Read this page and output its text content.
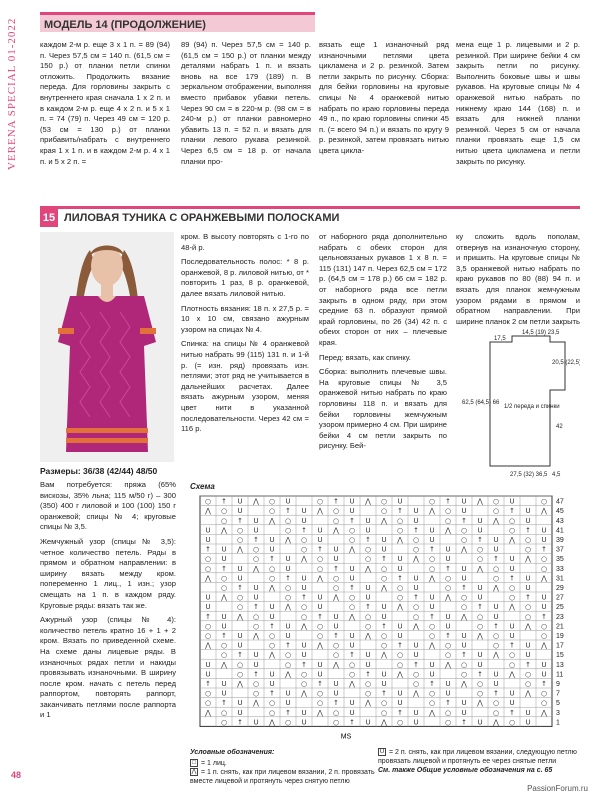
VERENA SPECIAL 01-2022
48
МОДЕЛЬ 14 (ПРОДОЛЖЕНИЕ)

каждом 2-м р. еще 3 х 1 п. = 89 (94) п. Через 57,5 см = 140 п. (61,5 см = 150 р.) от планки петли спинки отложить. Продолжить вязание переда. Для горловины закрыть с внутреннего края сначала 1 х 2 п. и в каждом 2-м р. еще 4 х 2 п. и 5 х 1 п. = 74 (79) п. Через 49 см = 120 р. (53 см = 130 р.) от планки прибавить/набрать с внутреннего края 1 х 1 п. и в каждом 2-м р. 4 х 1 п. и 5 х 2 п. =

89 (94) п. Через 57,5 см = 140 р. (61,5 см = 150 р.) от планки между деталями набрать 1 п. и вязать вновь на все 179 (189) п. В зеркальном отображении, выполняя вместо прибавок убавки петель. Через 90 см = в 220-м р. (98 см = в 240-м р.) от планки равномерно убавить 13 п. = 52 п. и вязать для планки левого рукава резинкой. Через 6,5 см = 18 р. от начала планки про-

вязать еще 1 изнаночный ряд изнаночными петлями цвета цикламена и 2 р. резинкой. Затем петли закрыть по рисунку. Сборка: для бейки горловины на круговые спицы № 4 оранжевой нитью набрать по краю горловины переда 49 п., по краю горловины спинки 45 п. (= всего 94 п.) и вязать по кругу 9 р. резинкой, затем провязать нитью цвета цикла-

мена еще 1 р. лицевыми и 2 р. резинкой. При ширине бейки 4 см закрыть петли по рисунку. Выполнить боковые швы и швы рукавов. На круговые спицы № 4 оранжевой нитью набрать по нижнему краю 144 (168) п. и вязать для нижней планки резинкой. Через 5 см от начала планки провязать еще 1,5 см нитью цвета цикламена и петли закрыть по рисунку.

15 ЛИЛОВАЯ ТУНИКА С ОРАНЖЕВЫМИ ПОЛОСКАМИ
Размеры: 36/38 (42/44) 48/50

Вам потребуется: пряжа (65% вискозы, 35% льна; 115 м/50 г) – 300 (350) 400 г лиловой и 100 (100) 150 г оранжевой; спицы № 4; круговые спицы № 3,5.

Жемчужный узор (спицы № 3,5): четное количество петель. Ряды в прямом и обратном направлении: в ширину вязать между кром. попеременно 1 лиц., 1 изн.; узор смещать на 1 п. в каждом ряду. Круговые ряды: вязать так же.

Ажурный узор (спицы № 4): количество петель кратно 16 + 1 + 2 кром. Вязать по приведенной схеме. На схеме даны лицевые ряды. В изнаночных рядах петли и накиды провязывать изнаночными. В ширину после кром. начать с петель перед раппортом, повторять раппорт, заканчивать петлями после раппорта и 1

кром. В высоту повторять с 1-го по 48-й р.

Последовательность полос: * 8 р. оранжевой, 8 р. лиловой нитью, от * повторить 1 раз, 8 р. оранжевой, далее вязать лиловой нитью.

Плотность вязания: 18 п. х 27,5 р. = 10 х 10 см, связано ажурным узором на спицах № 4.

Спинка: на спицы № 4 оранжевой нитью набрать 99 (115) 131 п. и 1-й р. (= изн. ряд) провязать изн. петлями; этот ряд не учитывается в дальнейших расчетах. Далее вязать ажурным узором, меняя цвет нити в указанной последовательности. Через 42 см = 116 р.

от наборного ряда дополнительно набрать с обеих сторон для цельновязаных рукавов 1 х 8 п. = 115 (131) 147 п. Через 62,5 см = 172 р. (64,5 см = 178 р.) 66 см = 182 р. от наборного ряда все петли закрыть в одном ряду, при этом средние 63 п. образуют прямой край горловины, по 26 (34) 42 п. с обеих сторон от них – плечевые края.

Перед: вязать, как спинку.

Сборка: выполнить плечевые швы. На круговые спицы № 3,5 оранжевой нитью набрать по краю горловины 118 п. и вязать для бейки горловины жемчужным узором примерно 4 см. При ширине бейки 4 см петли закрыть по рисунку. Бей-

ку сложить вдоль пополам, отвернув на изнаночную сторону, и пришить. На круговые спицы № 3,5 оранжевой нитью набрать по краю рукавов по 80 (88) 94 п. и вязать для планок жемчужным узором рядами в прямом и обратном направлении. При ширине планок 2 см петли закрыть

14,5 (19) 23,5
17,5
20,5 (22,5)
62,5 (64,5) 66
42
1/2 переда и спинки
27,5 (32) 36,5 4,5
Схема
○ ↑ U ⋀ ○ U	○ ↑ U ⋀ ○ U	○ ↑ U ⋀ ○ U	○ 47
⋀ ○ U	○ ↑ U ⋀ ○ U	○ ↑ U ⋀ ○ U	○ ↑ U ⋀ 45
○ ↑ U ⋀ ○ U	○ ↑ U ⋀ ○ U	○ ↑ U ⋀ ○ U	43
U ⋀ ○ U	○ ↑ U ⋀ ○ U	○ ↑ U ⋀ ○ U	○ ↑ U 41
U	○ ↑ U ⋀ ○ U	○ ↑ U ⋀ ○ U	○ ↑ U ⋀ ○ U 39
↑ U ⋀ ○ U	○ ↑ U ⋀ ○ U	○ ↑ U ⋀ ○ U	○ ↑ 37
○ U	○ ↑ U ⋀ ○ U	○ ↑ U ⋀ ○ U	○ ↑ U ⋀ ○ 35
○ ↑ U ⋀ ○ U	○ ↑ U ⋀ ○ U	○ ↑ U ⋀ ○ U	○ 33
⋀ ○ U	○ ↑ U ⋀ ○ U	○ ↑ U ⋀ ○ U	○ ↑ U ⋀ 31
○ ↑ U ⋀ ○ U	○ ↑ U ⋀ ○ U	○ ↑ U ⋀ ○ U	29
U ⋀ ○ U	○ ↑ U ⋀ ○ U	○ ↑ U ⋀ ○ U	○ ↑ U 27
U	○ ↑ U ⋀ ○ U	○ ↑ U ⋀ ○ U	○ ↑ U ⋀ ○ U 25
↑ U ⋀ ○ U	○ ↑ U ⋀ ○ U	○ ↑ U ⋀ ○ U	○ ↑ 23
○ U	○ ↑ U ⋀ ○ U	○ ↑ U ⋀ ○ U	○ ↑ U ⋀ ○ 21
○ ↑ U ⋀ ○ U	○ ↑ U ⋀ ○ U	○ ↑ U ⋀ ○ U	○ 19
⋀ ○ U	○ ↑ U ⋀ ○ U	○ ↑ U ⋀ ○ U	○ ↑ U ⋀ 17
○ ↑ U ⋀ ○ U	○ ↑ U ⋀ ○ U	○ ↑ U ⋀ ○ U	15
U ⋀ ○ U	○ ↑ U ⋀ ○ U	○ ↑ U ⋀ ○ U	○ ↑ U 13
U	○ ↑ U ⋀ ○ U	○ ↑ U ⋀ ○ U	○ ↑ U ⋀ ○ U 11
↑ U ⋀ ○ U	○ ↑ U ⋀ ○ U	○ ↑ U ⋀ ○ U	○ ↑ 9
○ U	○ ↑ U ⋀ ○ U	○ ↑ U ⋀ ○ U	○ ↑ U ⋀ ○ 7
○ ↑ U ⋀ ○ U	○ ↑ U ⋀ ○ U	○ ↑ U ⋀ ○ U	○ 5
⋀ ○ U	○ ↑ U ⋀ ○ U	○ ↑ U ⋀ ○ U	○ ↑ U ⋀ 3
○ ↑ U ⋀ ○ U	○ ↑ U ⋀ ○ U	○ ↑ U ⋀ ○ U	1
MS
Условные обозначения:
□ = 1 лиц.
⋀ = 1 п. снять, как при лицевом вязании, 2 п. провязать вместе лицевой и протянуть через снятую петлю
U = 2 п. снять, как при лицевом вязании, следующую петлю провязать лицевой и протянуть ее через снятые петли
См. также Общие условные обозначения на с. 65
PassionForum.ru
